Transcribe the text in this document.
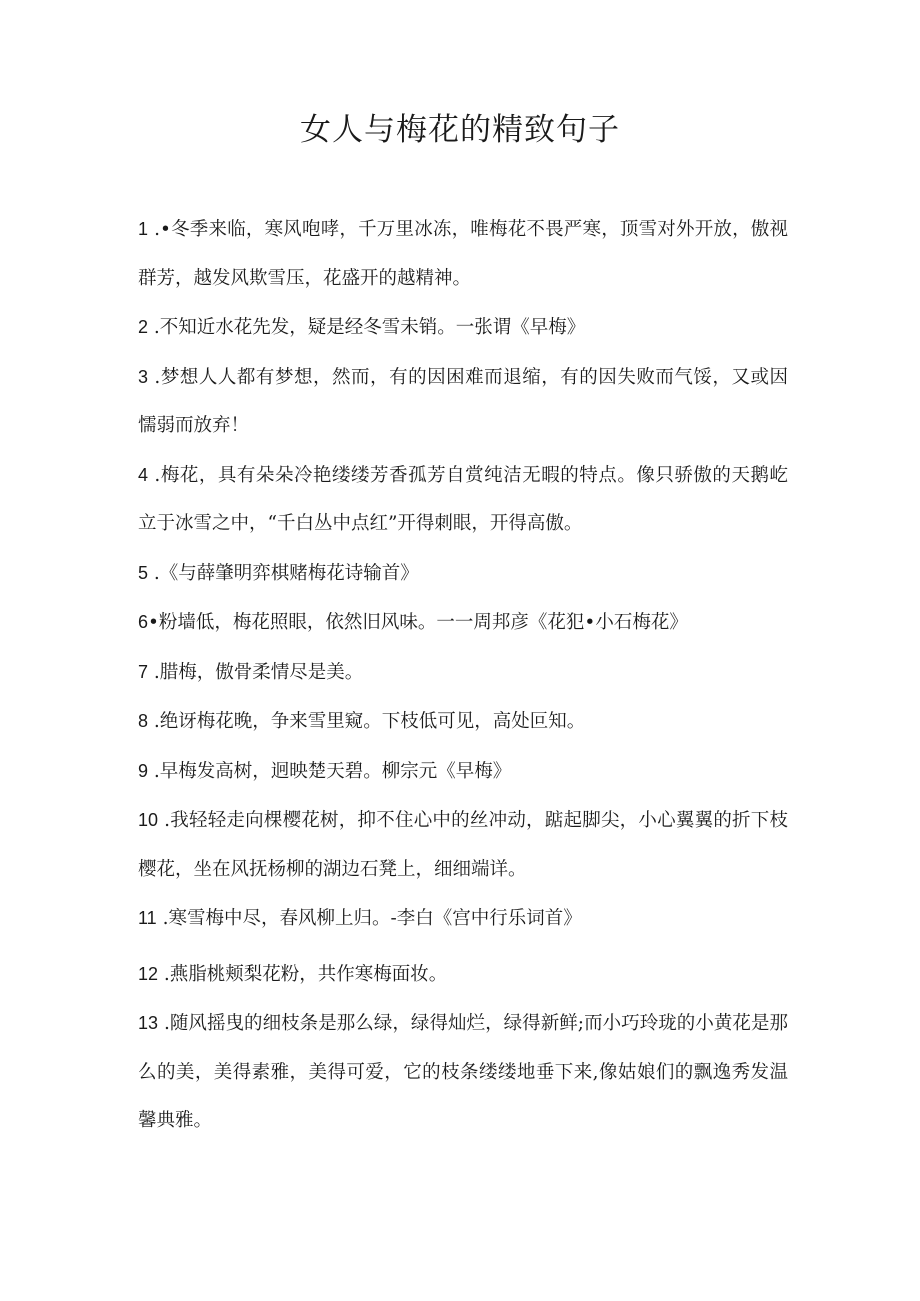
女人与梅花的精致句子
1 .•冬季来临，寒风咆哮，千万里冰冻，唯梅花不畏严寒，顶雪对外开放，傲视群芳，越发风欺雪压，花盛开的越精神。
2 .不知近水花先发，疑是经冬雪未销。一张谓《早梅》
3 .梦想人人都有梦想，然而，有的因困难而退缩，有的因失败而气馁，又或因懦弱而放弃！
4 .梅花，具有朵朵冷艳缕缕芳香孤芳自赏纯洁无暇的特点。像只骄傲的天鹅屹立于冰雪之中，“千白丛中点红”开得刺眼，开得高傲。
5 .《与薛肇明弈棋赌梅花诗输首》
6•粉墙低，梅花照眼，依然旧风味。一一周邦彦《花犯•小石梅花》
7 .腊梅，傲骨柔情尽是美。
8 .绝讶梅花晚，争来雪里窥。下枝低可见，高处叵知。
9 .早梅发高树，迥映楚天碧。柳宗元《早梅》
10 .我轻轻走向棵樱花树，抑不住心中的丝冲动，踮起脚尖，小心翼翼的折下枝樱花，坐在风抚杨柳的湖边石凳上，细细端详。
11 .寒雪梅中尽，春风柳上归。-李白《宫中行乐词首》
12 .燕脂桃颊梨花粉，共作寒梅面妆。
13 .随风摇曳的细枝条是那么绿，绿得灿烂，绿得新鲜;而小巧玲珑的小黄花是那么的美，美得素雅，美得可爱，它的枝条缕缕地垂下来,像姑娘们的飘逸秀发温馨典雅。
